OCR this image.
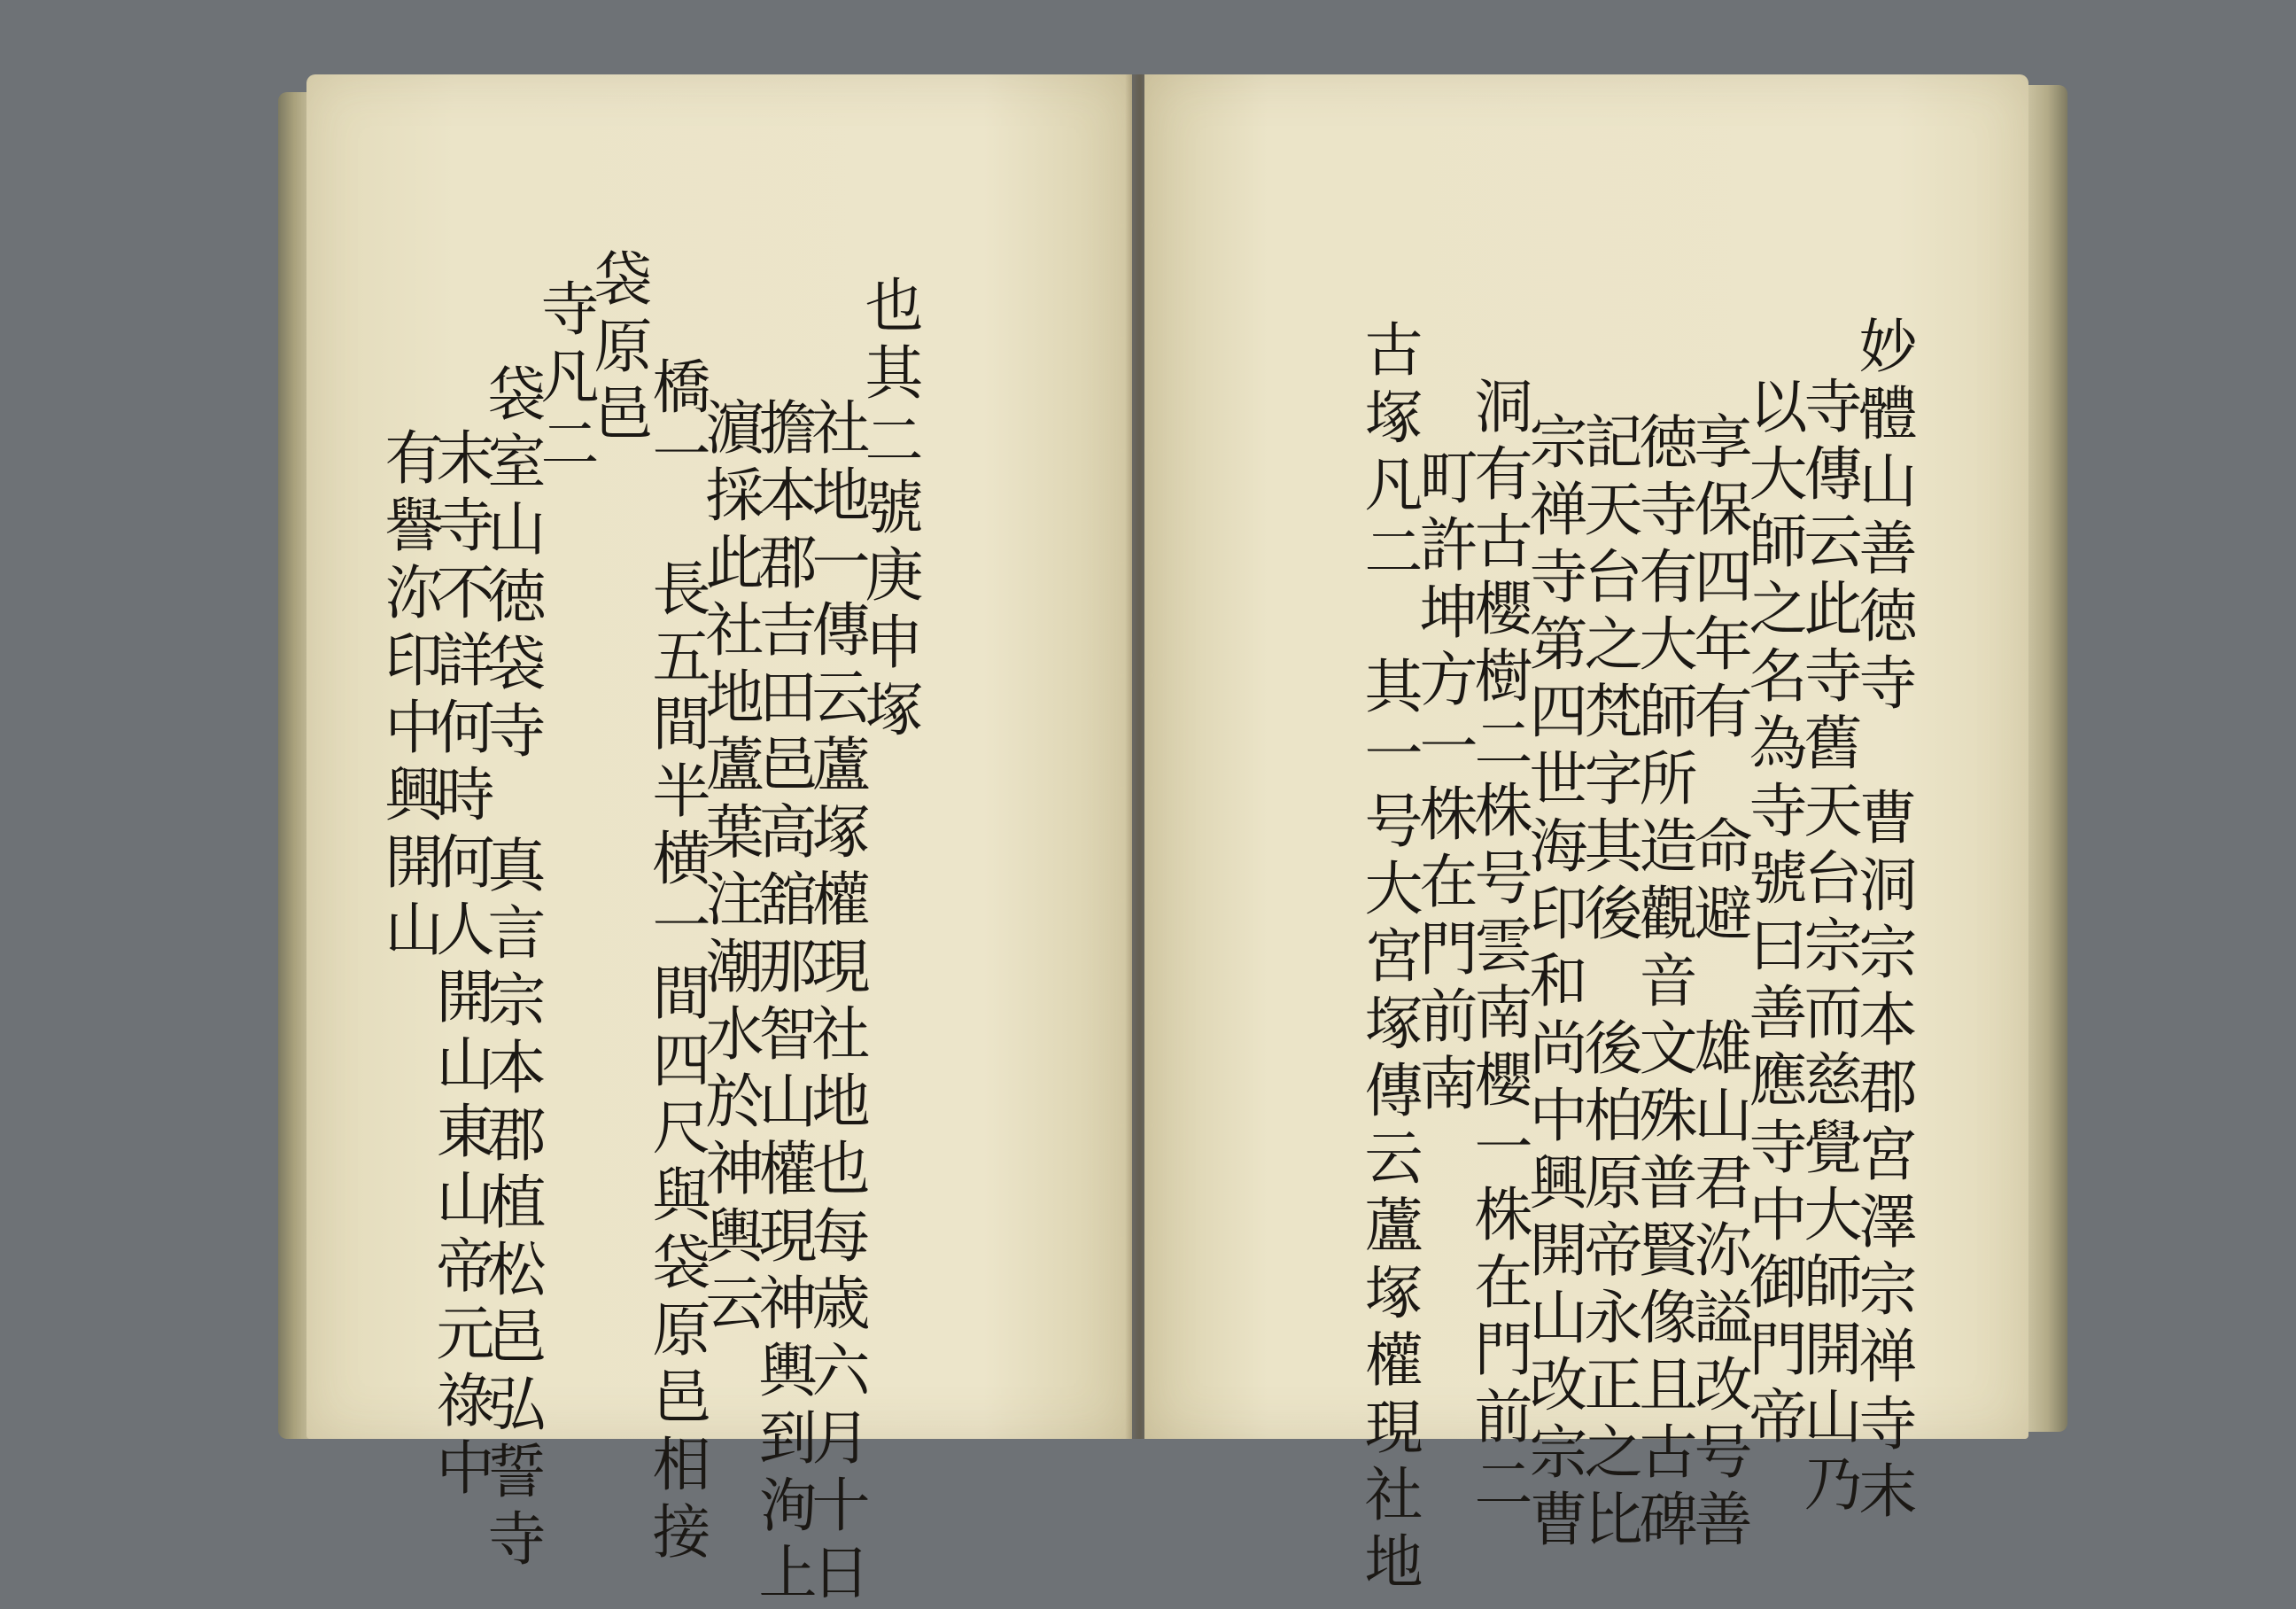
也其二號庚申塚
社地一傳云蘆塚權現社地也每歳六月十日
擔本郡吉田邑高舘那智山權現神輿到洵上
濵採此社地蘆葉注潮水於神輿云
橋一　長五間半横一間四尺與袋原邑相接
袋原邑
寺凡二
袋室山徳袋寺　真言宗本郡植松邑弘誓寺
末寺不詳何時何人開山東山帝元祿中
有譽沵印中興開山	妙體山善徳寺　曹洞宗本郡宮澤宗禅寺末
寺傳云此寺舊天台宗而慈覺大師開山乃
以大師之名為寺號曰善應寺中御門帝
享保四年有　命避　雄山君沵謚改号善
徳寺有大師所造觀音文殊普賢像且古碑
記天台之梵字其後　後柏原帝永正之比
宗禅寺第四世海印和尚中興開山改宗曹
洞有古櫻樹二株号雲南櫻一株在門前二
町許坤方一株在門前南
古塚凡二　其一号大宮塚傳云蘆塚權現社地
